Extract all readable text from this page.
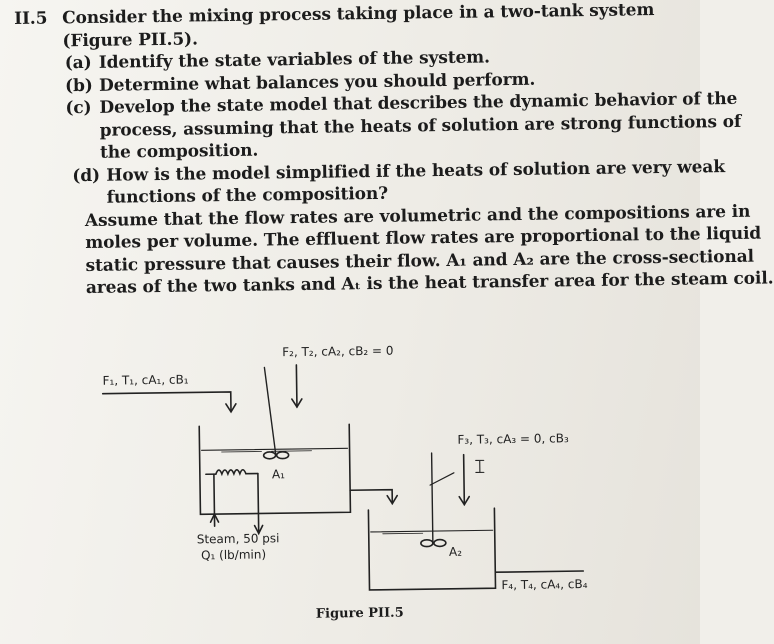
II.5 Consider the mixing process taking place in a two-tank system
(Figure PII.5).
(a) Identify the state variables of the system.
(b) Determine what balances you should perform.
(c) Develop the state model that describes the dynamic behavior of the
process, assuming that the heats of solution are strong functions of
the composition.
(d) How is the model simplified if the heats of solution are very weak
functions of the composition?
Assume that the flow rates are volumetric and the compositions are in
moles per volume. The effluent flow rates are proportional to the liquid
static pressure that causes their flow. A₁ and A₂ are the cross-sectional
areas of the two tanks and Aₜ is the heat transfer area for the steam coil.
F₁, T₁, cA₁, cB₁
F₂, T₂, cA₂, cB₂ = 0
F₃, T₃, cA₃ = 0, cB₃
F₄, T₄, cA₄, cB₄
A₁
A₂
Steam, 50 psi
Q₁ (lb/min)
Figure PII.5
